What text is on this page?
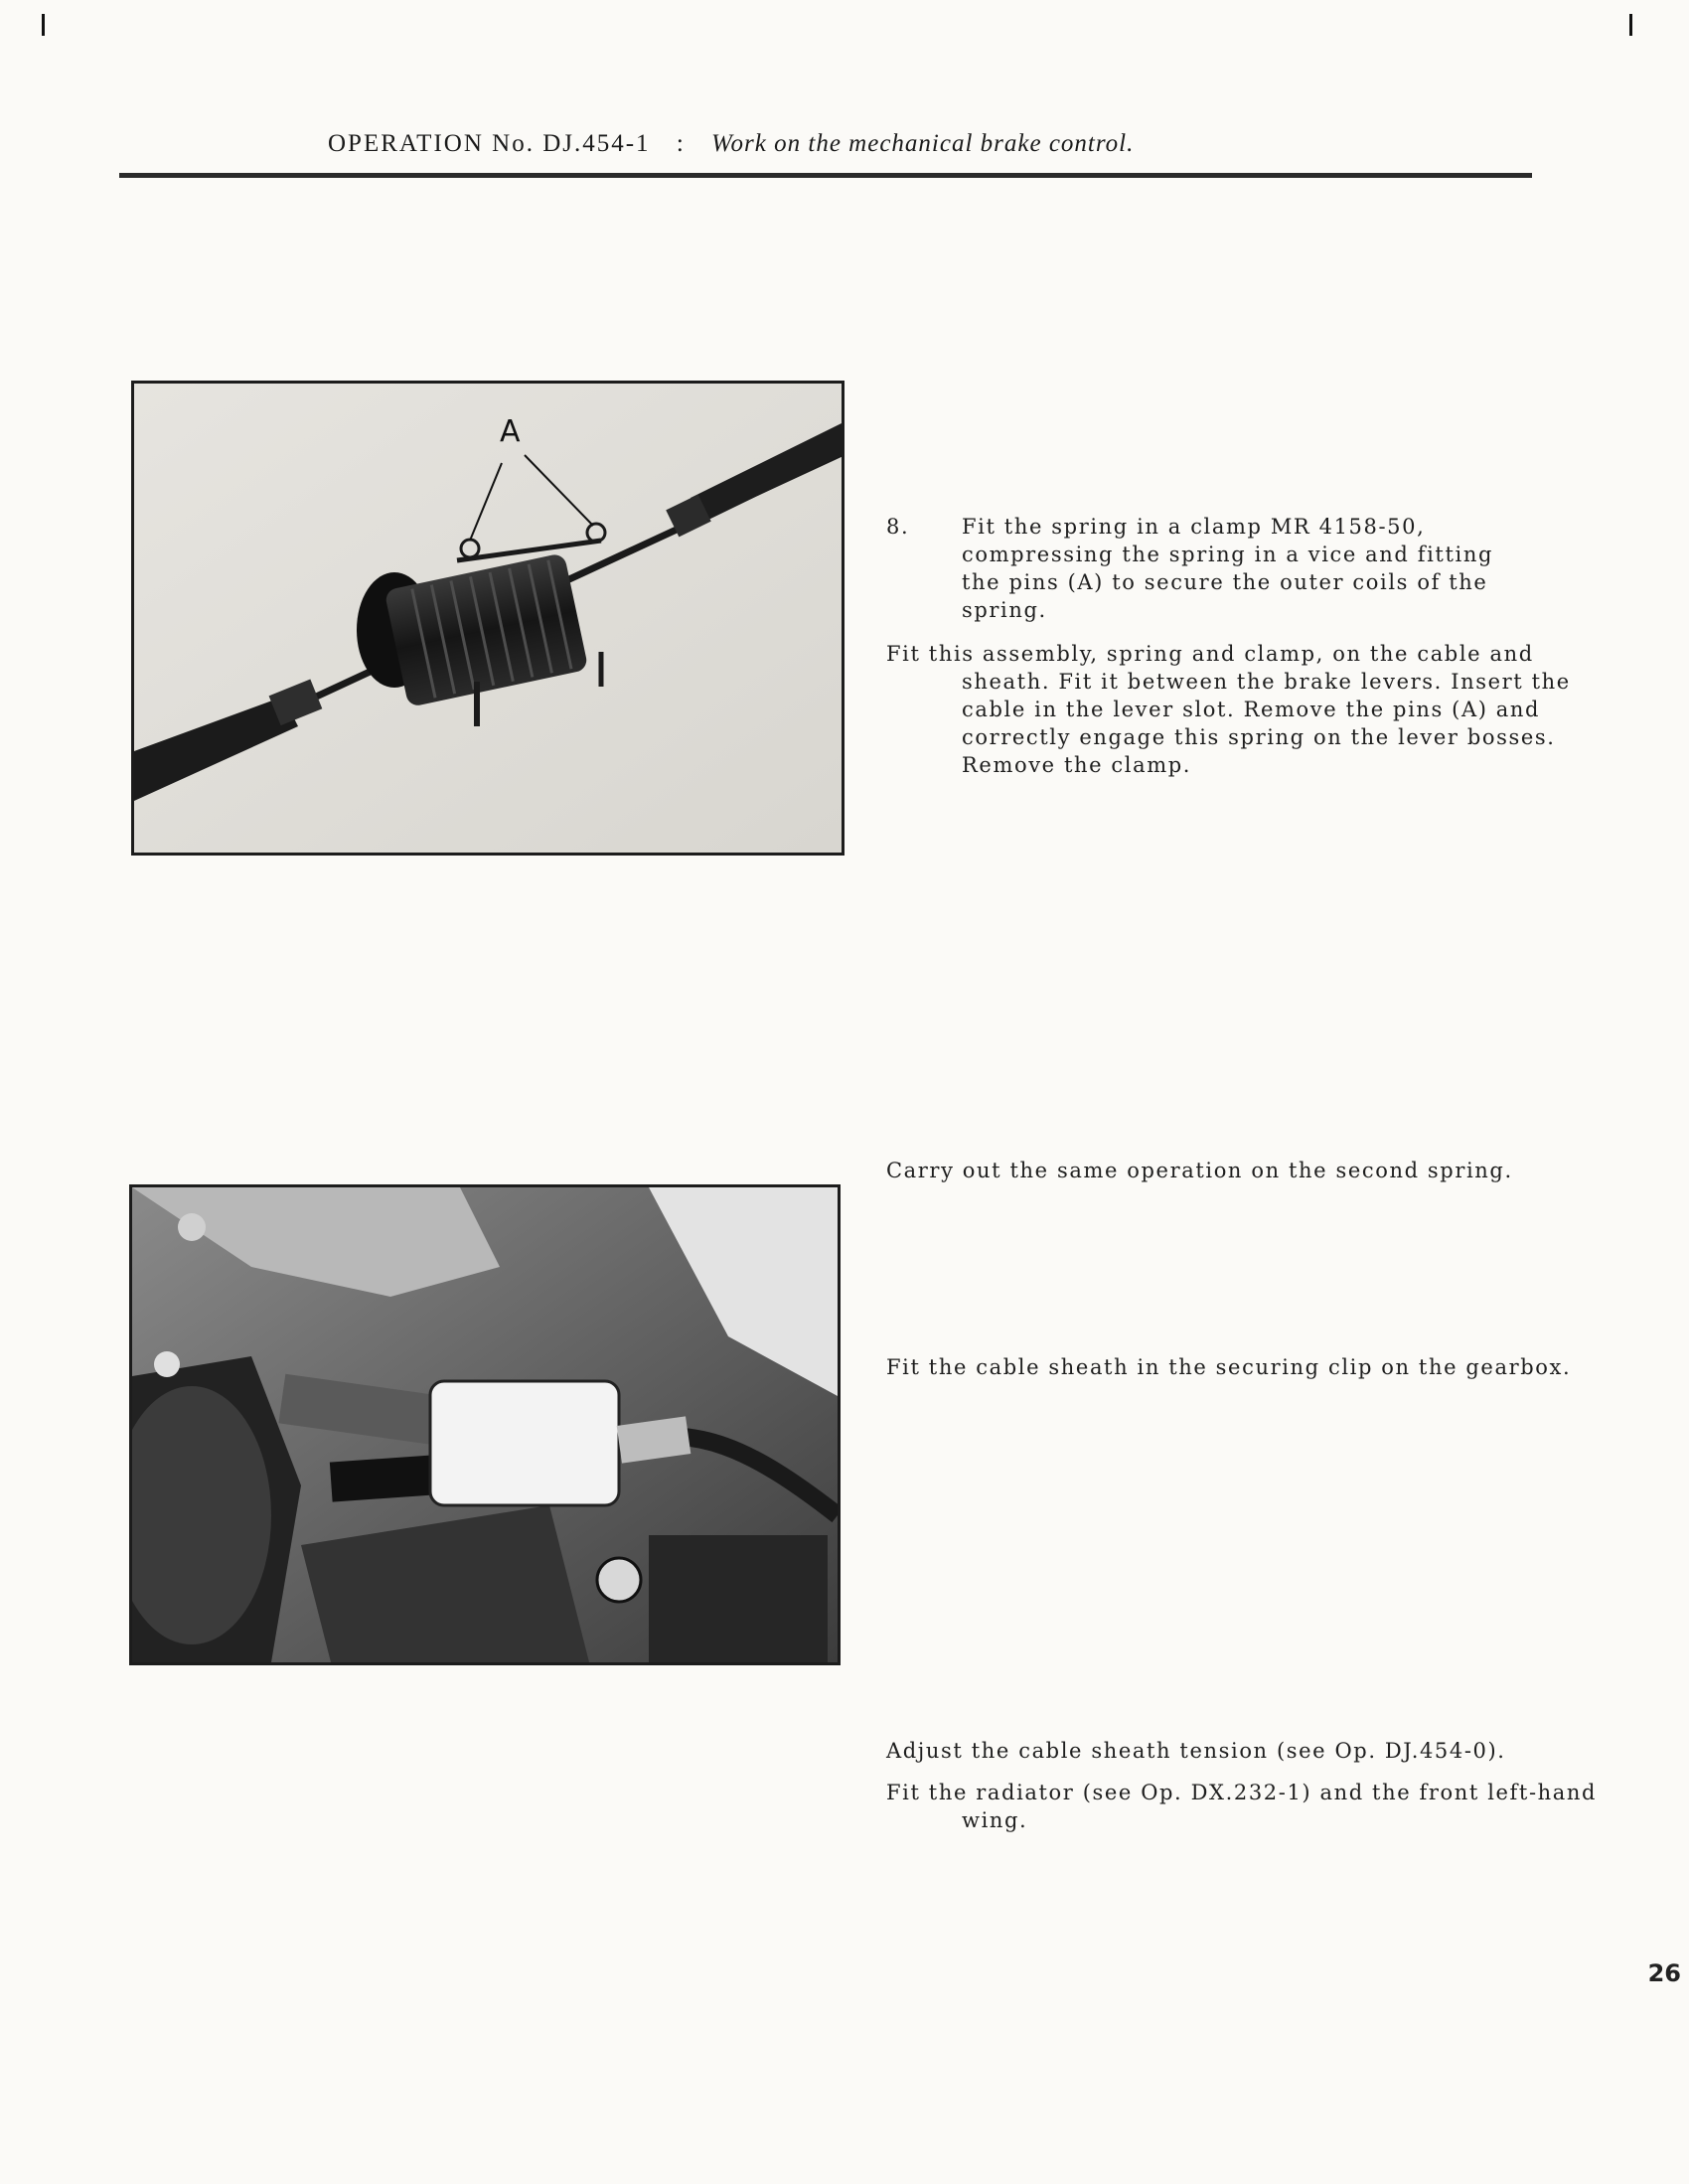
OPERATION No. DJ.454-1 : Work on the mechanical brake control.
A
8.	Fit the spring in a clamp MR 4158-50, compressing the spring in a vice and fitting the pins (A) to secure the outer coils of the spring.
Fit this assembly, spring and clamp, on the cable and sheath. Fit it between the brake levers. Insert the cable in the lever slot. Remove the pins (A) and correctly engage this spring on the lever bosses. Remove the clamp.
Carry out the same operation on the second spring.
Fit the cable sheath in the securing clip on the gearbox.
Adjust the cable sheath tension (see Op. DJ.454-0).
Fit the radiator (see Op. DX.232-1) and the front left-hand wing.
26
